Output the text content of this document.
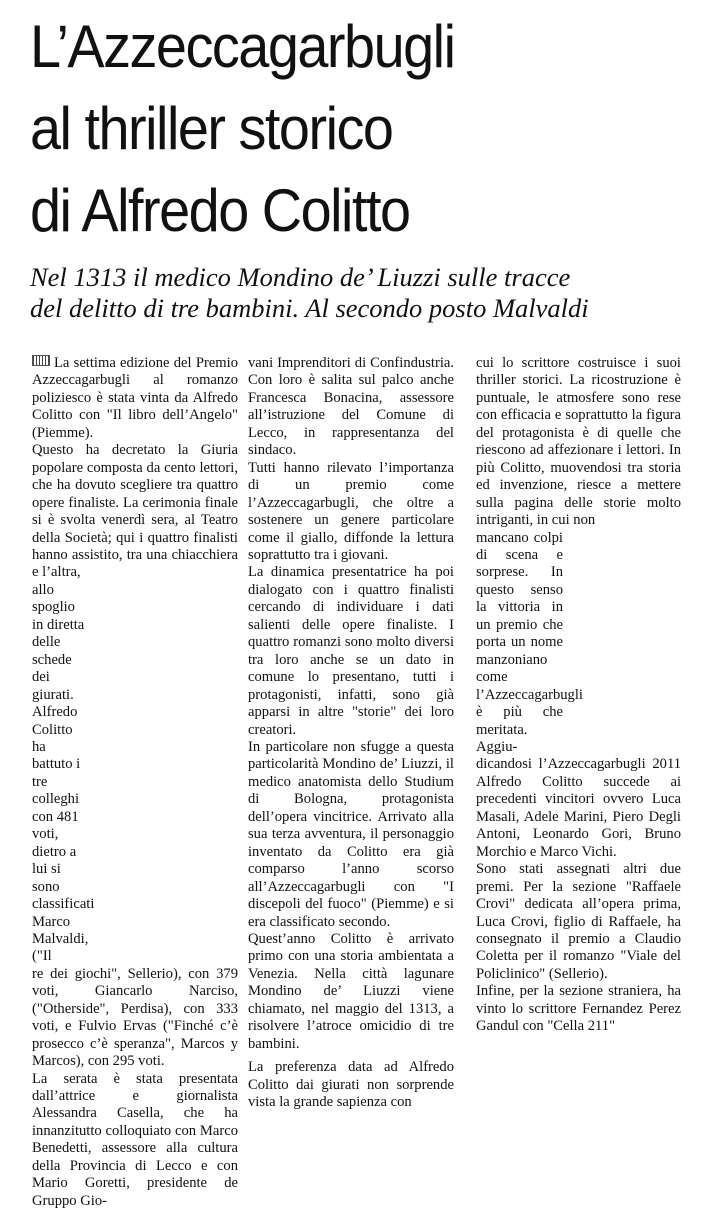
L’Azzeccagarbugli
al thriller storico
di Alfredo Colitto
Nel 1313 il medico Mondino de’ Liuzzi sulle tracce
del delitto di tre bambini. Al secondo posto Malvaldi

La settima edizione del Premio Azzeccagarbugli al romanzo poliziesco è stata vinta da Alfredo Colitto con "Il libro dell’Angelo" (Piemme).

Questo ha decretato la Giuria popolare composta da cento lettori, che ha dovuto scegliere tra quattro opere finaliste. La cerimonia finale si è svolta venerdì sera, al Teatro della Società; qui i quattro finalisti hanno assistito, tra una chiacchiera e l’altra,

allo spoglio in diretta delle schede dei giurati. Alfredo Colitto ha battuto i tre colleghi con 481 voti, dietro a lui si sono classificati Marco Malvaldi, ("Il

re dei giochi", Sellerio), con 379 voti, Giancarlo Narciso, ("Otherside", Perdisa), con 333 voti, e Fulvio Ervas ("Finché c’è prosecco c’è speranza", Marcos y Marcos), con 295 voti.

La serata è stata presentata dall’attrice e giornalista Alessandra Casella, che ha innanzitutto colloquiato con Marco Benedetti, assessore alla cultura della Provincia di Lecco e con Mario Goretti, presidente de Gruppo Gio-

vani Imprenditori di Confindustria. Con loro è salita sul palco anche Francesca Bonacina, assessore all’istruzione del Comune di Lecco, in rappresentanza del sindaco.

Tutti hanno rilevato l’importanza di un premio come l’Azzeccagarbugli, che oltre a sostenere un genere particolare come il giallo, diffonde la lettura soprattutto tra i giovani.

La dinamica presentatrice ha poi dialogato con i quattro finalisti cercando di individuare i dati salienti delle opere finaliste. I quattro romanzi sono molto diversi tra loro anche se un dato in comune lo presentano, tutti i protagonisti, infatti, sono già apparsi in altre "storie" dei loro creatori.

In particolare non sfugge a questa particolarità Mondino de’ Liuzzi, il medico anatomista dello Studium di Bologna, protagonista dell’opera vincitrice. Arrivato alla sua terza avventura, il personaggio inventato da Colitto era già comparso l’anno scorso all’Azzeccagarbugli con "I discepoli del fuoco" (Piemme) e si era classificato secondo.

Quest’anno Colitto è arrivato primo con una storia ambientata a Venezia. Nella città lagunare Mondino de’ Liuzzi viene chiamato, nel maggio del 1313, a risolvere l’atroce omicidio di tre bambini.

La preferenza data ad Alfredo Colitto dai giurati non sorprende vista la grande sapienza con

cui lo scrittore costruisce i suoi thriller storici. La ricostruzione è puntuale, le atmosfere sono rese con efficacia e soprattutto la figura del protagonista è di quelle che riescono ad affezionare i lettori. In più Colitto, muovendosi tra storia ed invenzione, riesce a mettere sulla pagina delle storie molto intriganti, in cui non

mancano colpi di scena e sorprese. In questo senso la vittoria in un premio che porta un nome manzoniano come l’Azzeccagarbugli è più che meritata.

Aggiu-

dicandosi l’Azzeccagarbugli 2011 Alfredo Colitto succede ai precedenti vincitori ovvero Luca Masali, Adele Marini, Piero Degli Antoni, Leonardo Gori, Bruno Morchio e Marco Vichi.

Sono stati assegnati altri due premi. Per la sezione "Raffaele Crovi" dedicata all’opera prima, Luca Crovi, figlio di Raffaele, ha consegnato il premio a Claudio Coletta per il romanzo "Viale del Policlinico" (Sellerio).

Infine, per la sezione straniera, ha vinto lo scrittore Fernandez Perez Gandul con "Cella 211"
